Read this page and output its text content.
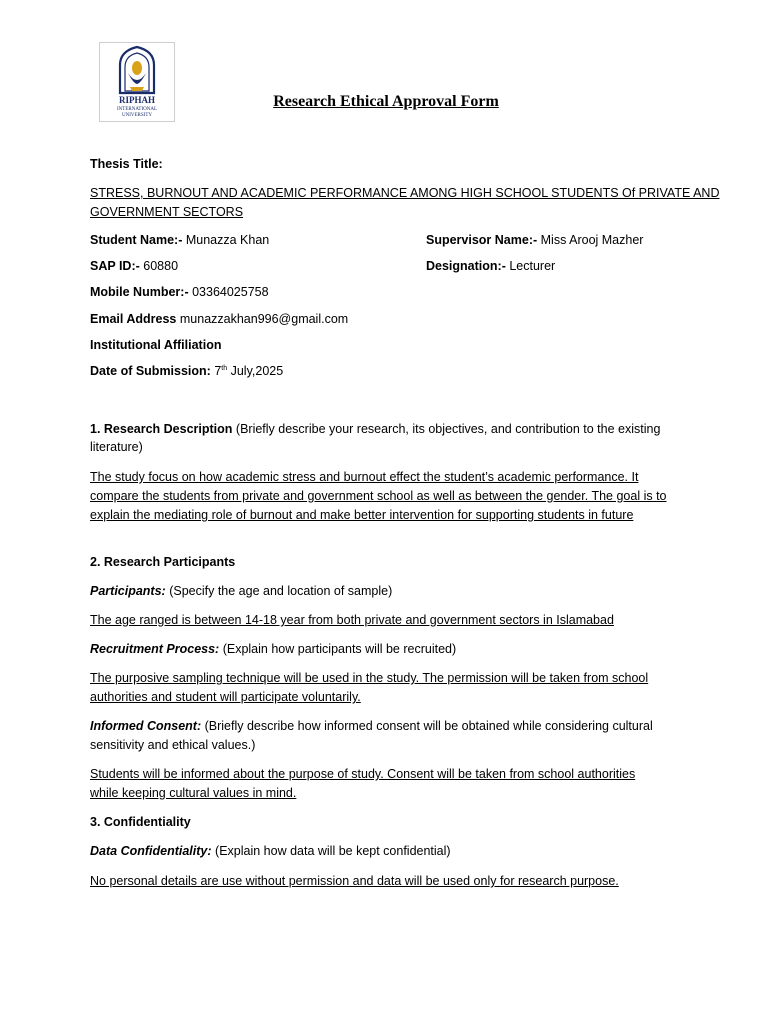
RIPHAH
INTERNATIONAL
UNIVERSITY
Research Ethical Approval Form
Thesis Title:
STRESS, BURNOUT AND ACADEMIC PERFORMANCE AMONG HIGH SCHOOL STUDENTS Of PRIVATE AND
GOVERNMENT SECTORS
Student Name:- Munazza Khan	Supervisor Name:- Miss Arooj Mazher
SAP ID:- 60880	Designation:- Lecturer
Mobile Number:- 03364025758
Email Address munazzakhan996@gmail.com
Institutional Affiliation
Date of Submission: 7th July,2025
1. Research Description (Briefly describe your research, its objectives, and contribution to the existing
literature)
The study focus on how academic stress and burnout effect the student’s academic performance. It
compare the students from private and government school as well as between the gender. The goal is to
explain the mediating role of burnout and make better intervention for supporting students in future
2. Research Participants
Participants: (Specify the age and location of sample)
The age ranged is between 14-18 year from both private and government sectors in Islamabad
Recruitment Process: (Explain how participants will be recruited)
The purposive sampling technique will be used in the study. The permission will be taken from school
authorities and student will participate voluntarily.
Informed Consent: (Briefly describe how informed consent will be obtained while considering cultural
sensitivity and ethical values.)
Students will be informed about the purpose of study. Consent will be taken from school authorities
while keeping cultural values in mind.
3. Confidentiality
Data Confidentiality: (Explain how data will be kept confidential)
No personal details are use without permission and data will be used only for research purpose.
